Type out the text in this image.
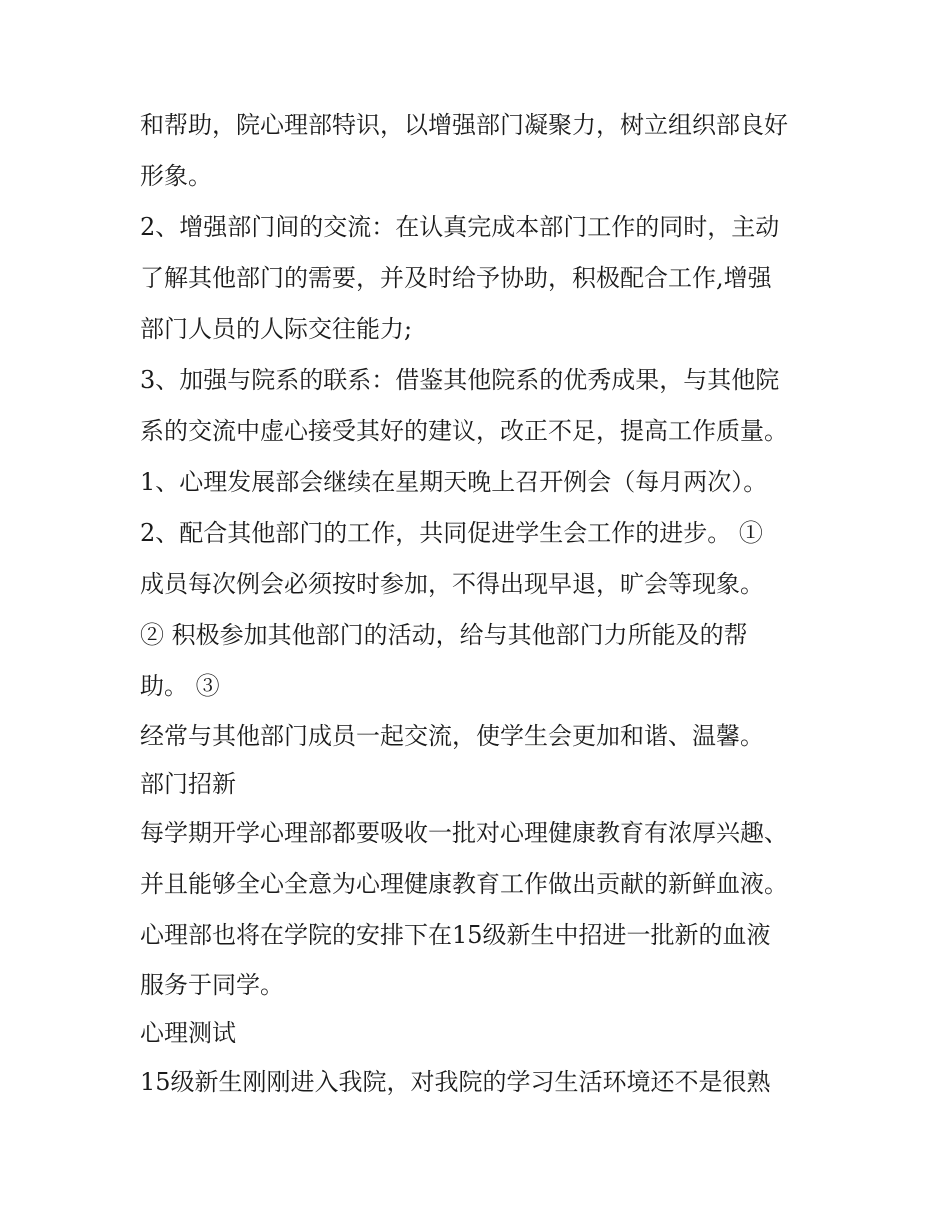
和帮助，院心理部特识，以增强部门凝聚力，树立组织部良好
形象。
2、增强部门间的交流：在认真完成本部门工作的同时，主动
了解其他部门的需要，并及时给予协助，积极配合工作,增强
部门人员的人际交往能力;
3、加强与院系的联系：借鉴其他院系的优秀成果，与其他院
系的交流中虚心接受其好的建议，改正不足，提高工作质量。
1、心理发展部会继续在星期天晚上召开例会（每月两次）。
2、配合其他部门的工作，共同促进学生会工作的进步。 ①
成员每次例会必须按时参加，不得出现早退，旷会等现象。
② 积极参加其他部门的活动，给与其他部门力所能及的帮
助。 ③
经常与其他部门成员一起交流，使学生会更加和谐、温馨。
部门招新
每学期开学心理部都要吸收一批对心理健康教育有浓厚兴趣、
并且能够全心全意为心理健康教育工作做出贡献的新鲜血液。
心理部也将在学院的安排下在15级新生中招进一批新的血液
服务于同学。
心理测试
15级新生刚刚进入我院，对我院的学习生活环境还不是很熟
